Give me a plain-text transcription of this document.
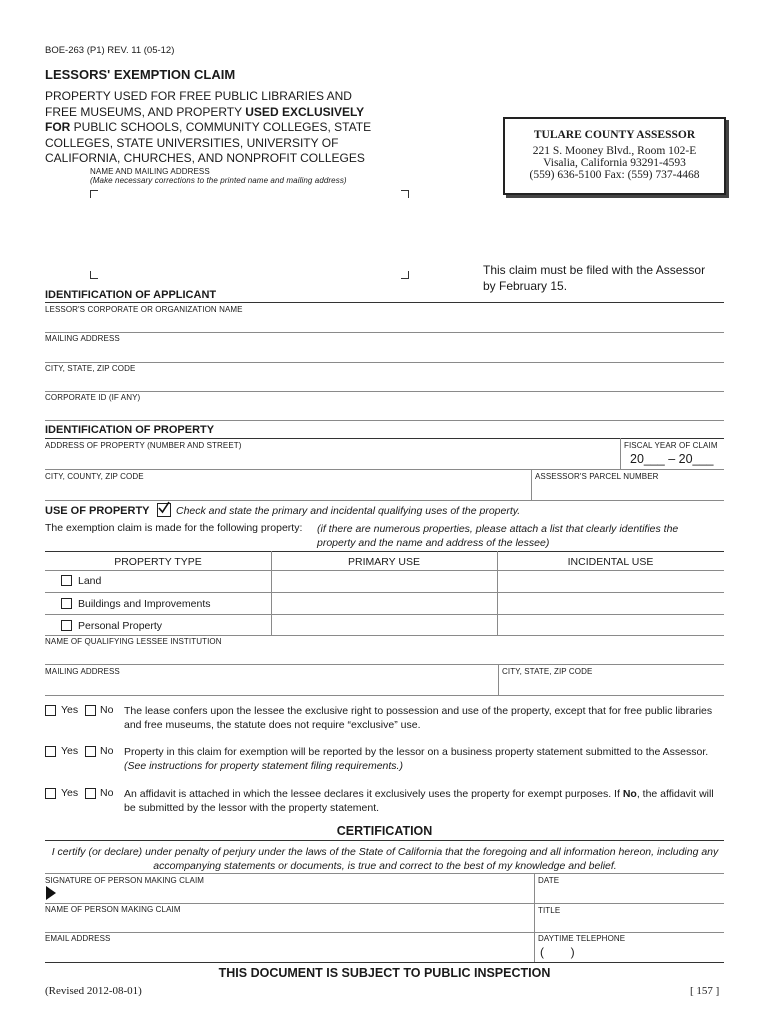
BOE-263 (P1) REV. 11 (05-12)
LESSORS' EXEMPTION CLAIM
PROPERTY USED FOR FREE PUBLIC LIBRARIES AND
FREE MUSEUMS, AND PROPERTY USED EXCLUSIVELY
FOR PUBLIC SCHOOLS, COMMUNITY COLLEGES, STATE
COLLEGES, STATE UNIVERSITIES, UNIVERSITY OF
CALIFORNIA, CHURCHES, AND NONPROFIT COLLEGES
NAME AND MAILING ADDRESS
(Make necessary corrections to the printed name and mailing address)
TULARE COUNTY ASSESSOR
221 S. Mooney Blvd., Room 102-E
Visalia, California 93291-4593
(559) 636-5100 Fax: (559) 737-4468
This claim must be filed with the Assessor
by February 15.
IDENTIFICATION OF APPLICANT
LESSOR'S CORPORATE OR ORGANIZATION NAME
MAILING ADDRESS
CITY, STATE, ZIP CODE
CORPORATE ID (IF ANY)
IDENTIFICATION OF PROPERTY
ADDRESS OF PROPERTY (NUMBER AND STREET)	FISCAL YEAR OF CLAIM
20___ – 20___
CITY, COUNTY, ZIP CODE	ASSESSOR'S PARCEL NUMBER
USE OF PROPERTY	Check and state the primary and incidental qualifying uses of the property.
The exemption claim is made for the following property: (if there are numerous properties, please attach a list that clearly identifies the
property and the name and address of the lessee)
PROPERTY TYPE	PRIMARY USE	INCIDENTAL USE
Land
Buildings and Improvements
Personal Property
NAME OF QUALIFYING LESSEE INSTITUTION
MAILING ADDRESS	CITY, STATE, ZIP CODE
Yes No The lease confers upon the lessee the exclusive right to possession and use of the property, except that for free public libraries
and free museums, the statute does not require “exclusive” use.
Yes No Property in this claim for exemption will be reported by the lessor on a business property statement submitted to the Assessor.
(See instructions for property statement filing requirements.)
Yes No An affidavit is attached in which the lessee declares it exclusively uses the property for exempt purposes. If No, the affidavit will
be submitted by the lessor with the property statement.
CERTIFICATION
I certify (or declare) under penalty of perjury under the laws of the State of California that the foregoing and all information hereon, including any
accompanying statements or documents, is true and correct to the best of my knowledge and belief.
SIGNATURE OF PERSON MAKING CLAIM	DATE
NAME OF PERSON MAKING CLAIM	TITLE
EMAIL ADDRESS	DAYTIME TELEPHONE
(        )
THIS DOCUMENT IS SUBJECT TO PUBLIC INSPECTION
(Revised 2012-08-01)	[ 157 ]
